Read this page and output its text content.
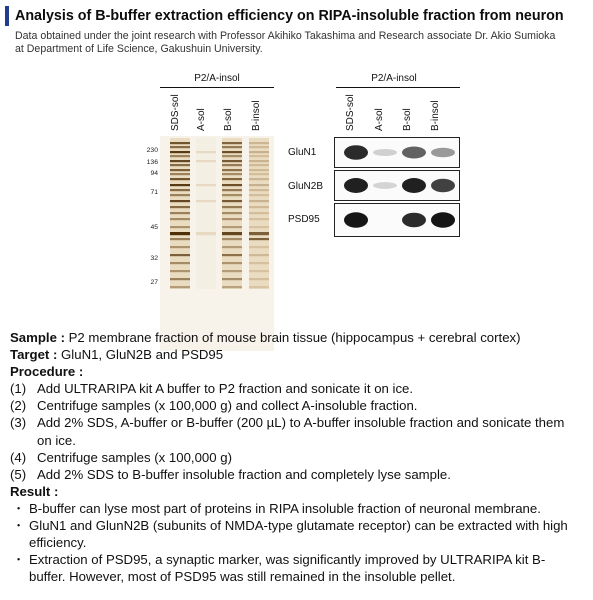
Analysis of B-buffer extraction efficiency on RIPA-insoluble fraction from neuron
Data obtained under the joint research with Professor Akihiko Takashima and Research associate Dr. Akio Sumioka
at Department of Life Science, Gakushuin University.
P2/A-insol
SDS-sol A-sol B-sol B-insol
230
136
94
71
45
32
27
P2/A-insol
SDS-sol A-sol B-sol B-insol
GluN1
GluN2B
PSD95
Sample : P2 membrane fraction of mouse brain tissue (hippocampus + cerebral cortex)
Target : GluN1, GluN2B and PSD95
Procedure :
(1) Add ULTRARIPA kit A buffer to P2 fraction and sonicate it on ice.
(2) Centrifuge samples (x 100,000 g) and collect A-insoluble fraction.
(3) Add 2% SDS, A-buffer or B-buffer (200 µL) to A-buffer insoluble fraction and sonicate them on ice.
(4) Centrifuge samples (x 100,000 g)
(5) Add 2% SDS to B-buffer insoluble fraction and completely lyse sample.
Result :
・ B-buffer can lyse most part of proteins in RIPA insoluble fraction of neuronal membrane.
・ GluN1 and GlunN2B (subunits of NMDA-type glutamate receptor) can be extracted with high efficiency.
・ Extraction of PSD95, a synaptic marker, was significantly improved by ULTRARIPA kit B-buffer. However, most of PSD95 was still remained in the insoluble pellet.
